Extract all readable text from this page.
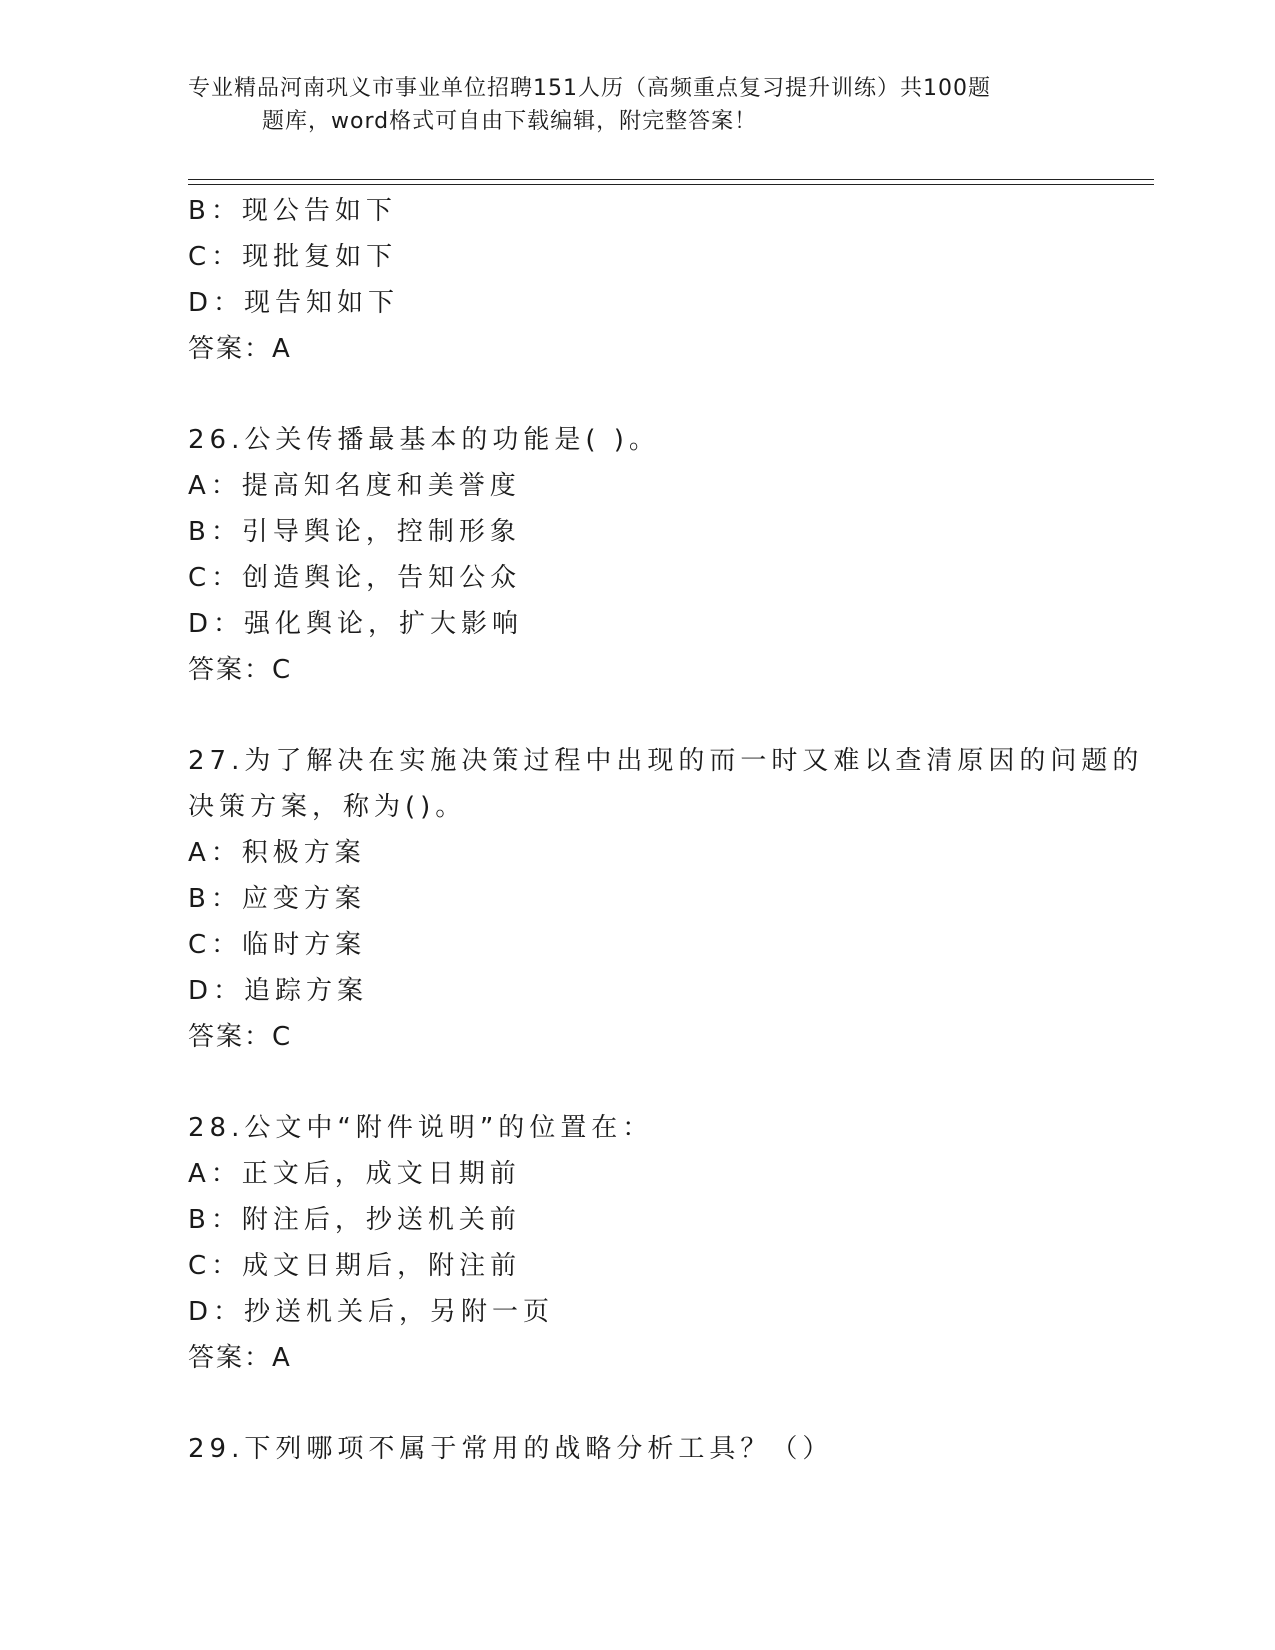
专业精品河南巩义市事业单位招聘151人历（高频重点复习提升训练）共100题
题库，word格式可自由下载编辑，附完整答案！
B：现公告如下
C：现批复如下
D：现告知如下
答案：A
26.公关传播最基本的功能是( )。
A：提高知名度和美誉度
B：引导舆论，控制形象
C：创造舆论，告知公众
D：强化舆论，扩大影响
答案：C
27.为了解决在实施决策过程中出现的而一时又难以查清原因的问题的
决策方案，称为()。
A：积极方案
B：应变方案
C：临时方案
D：追踪方案
答案：C
28.公文中“附件说明”的位置在：
A：正文后，成文日期前
B：附注后，抄送机关前
C：成文日期后，附注前
D：抄送机关后，另附一页
答案：A
29.下列哪项不属于常用的战略分析工具？（）
